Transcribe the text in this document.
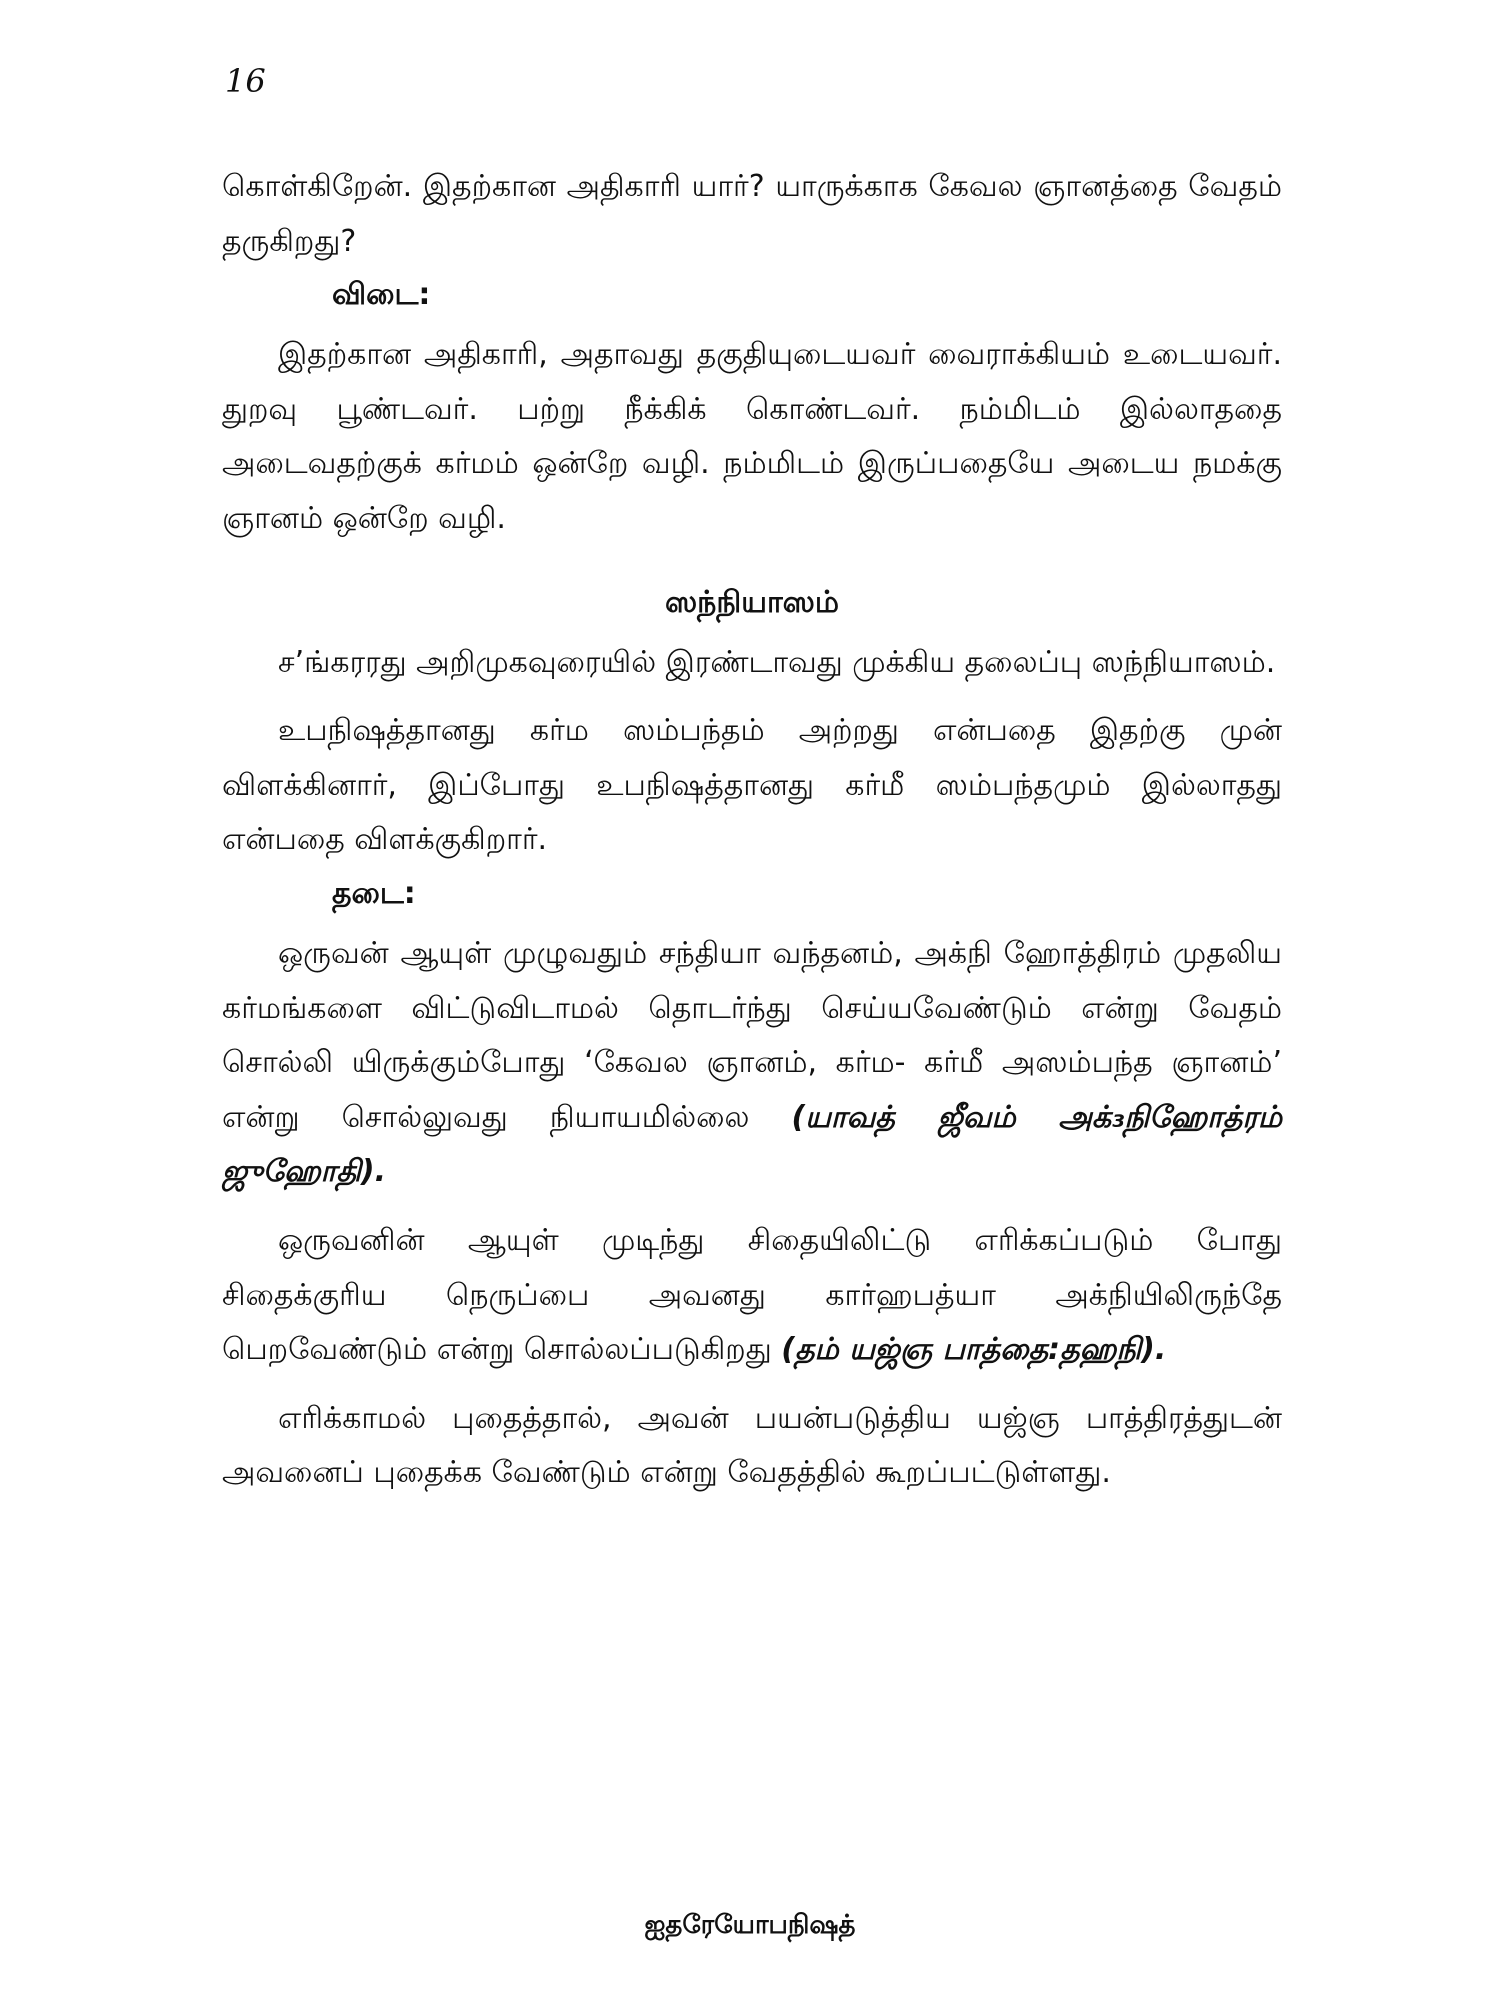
16

கொள்கிறேன். இதற்கான அதிகாரி யார்? யாருக்காக கேவல ஞானத்தை வேதம் தருகிறது?

விடை:

இதற்கான அதிகாரி, அதாவது தகுதியுடையவர் வைராக்கியம் உடையவர். துறவு பூண்டவர். பற்று நீக்கிக் கொண்டவர். நம்மிடம் இல்லாததை அடைவதற்குக் கர்மம் ஒன்றே வழி. நம்மிடம் இருப்பதையே அடைய நமக்கு ஞானம் ஒன்றே வழி.

ஸந்நியாஸம்

ச’ங்கரரது அறிமுகவுரையில் இரண்டாவது முக்கிய தலைப்பு ஸந்நியாஸம்.

உபநிஷத்தானது கர்ம ஸம்பந்தம் அற்றது என்பதை இதற்கு முன் விளக்கினார், இப்போது உபநிஷத்தானது கர்மீ ஸம்பந்தமும் இல்லாதது என்பதை விளக்குகிறார்.

தடை:

ஒருவன் ஆயுள் முழுவதும் சந்தியா வந்தனம், அக்நி ஹோத்திரம் முதலிய கர்மங்களை விட்டுவிடாமல் தொடர்ந்து செய்யவேண்டும் என்று வேதம் சொல்லி யிருக்கும்போது ‘கேவல ஞானம், கர்ம- கர்மீ அஸம்பந்த ஞானம்’ என்று சொல்லுவது நியாயமில்லை (யாவத் ஜீவம் அக்₃நிஹோத்ரம் ஜுஹோதி).

ஒருவனின் ஆயுள் முடிந்து சிதையிலிட்டு எரிக்கப்படும் போது சிதைக்குரிய நெருப்பை அவனது கார்ஹபத்யா அக்நியிலிருந்தே பெறவேண்டும் என்று சொல்லப்படுகிறது (தம் யஜ்ஞ பாத்தை:தஹநி).

எரிக்காமல் புதைத்தால், அவன் பயன்படுத்திய யஜ்ஞ பாத்திரத்துடன் அவனைப் புதைக்க வேண்டும் என்று வேதத்தில் கூறப்பட்டுள்ளது.

ஐதரேயோபநிஷத்
